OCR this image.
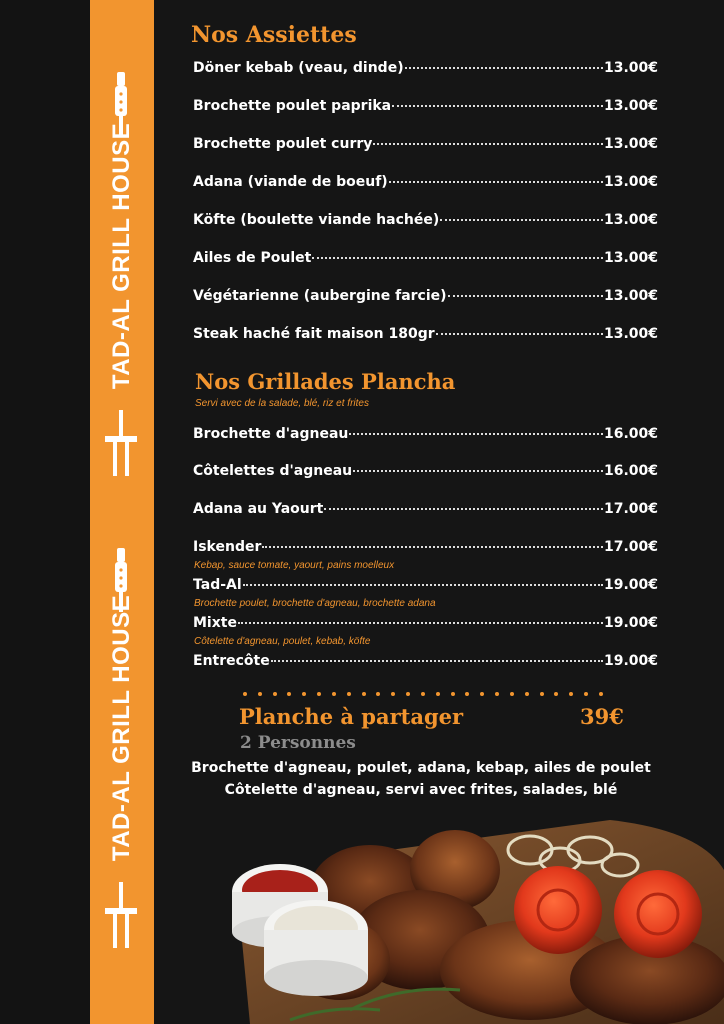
TAD-AL GRILL HOUSE
TAD-AL GRILL HOUSE
Nos Assiettes
Döner kebab (veau, dinde)	13.00€
Brochette poulet paprika	13.00€
Brochette poulet curry	13.00€
Adana (viande de boeuf)	13.00€
Köfte (boulette viande hachée)	13.00€
Ailes de Poulet	13.00€
Végétarienne (aubergine farcie)	13.00€
Steak haché fait maison 180gr	13.00€
Nos Grillades Plancha
Servi avec de la salade, blé, riz et frites
Brochette d'agneau	16.00€
Côtelettes d'agneau	16.00€
Adana au Yaourt	17.00€
Iskender	17.00€
Kebap, sauce tomate, yaourt, pains moelleux
Tad-Al	19.00€
Brochette poulet, brochette d'agneau, brochette adana
Mixte	19.00€
Côtelette d'agneau, poulet, kebab, köfte
Entrecôte	19.00€
Planche à partager	39€
2 Personnes
Brochette d'agneau, poulet, adana, kebap, ailes de poulet
Côtelette d'agneau, servi avec frites, salades, blé
